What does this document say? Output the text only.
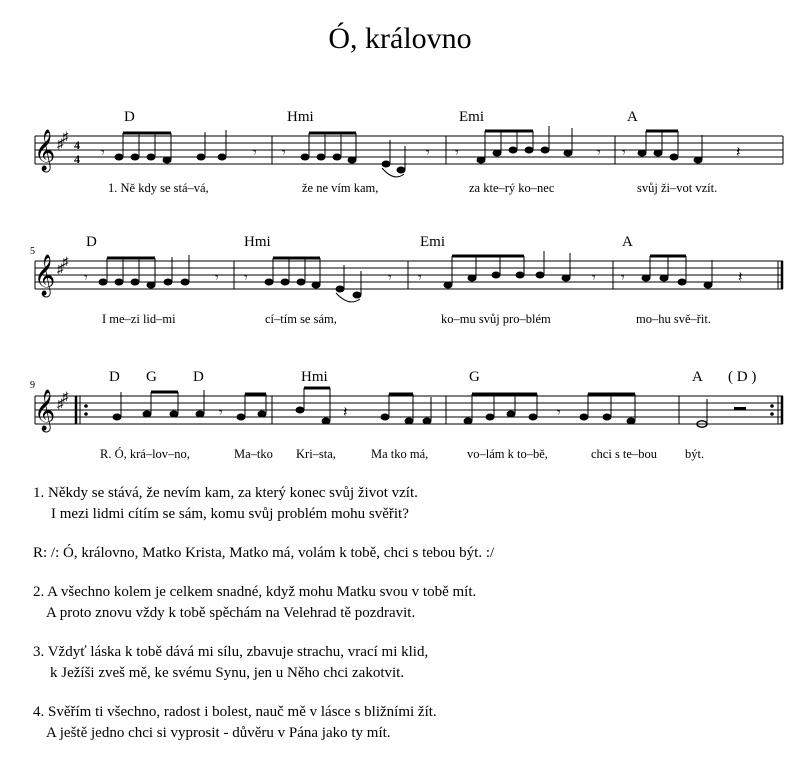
Ó, královno
𝄞 ♯
♯
4
4 𝄾	𝄾 𝄾	𝄾 𝄾	𝄾 𝄾	𝄽
𝄞 ♯
♯
𝄾	𝄾 𝄾	𝄾 𝄾	𝄾 𝄾	𝄽
𝄞 ♯
♯
𝄾	𝄽	𝄾
5
9
D	Hmi	Emi	A
1. Ně kdy se stá–vá,	že ne vím kam,	za kte–rý ko–nec	svůj ži–vot vzít.
D	Hmi	Emi	A
I me–zi lid–mi	cí–tím se sám,	ko–mu svůj pro–blém	mo–hu svě–řit.
D G D	Hmi	G	A ( D )
R. Ó, krá–lov–no,	Ma–tko Kri–sta,	Ma tko má,	vo–lám k to–bě,	chci s te–bou být.
1. Někdy se stává, že nevím kam, za který konec svůj život vzít.
I mezi lidmi cítím se sám, komu svůj problém mohu svěřit?
R: /: Ó, královno, Matko Krista, Matko má, volám k tobě, chci s tebou být. :/
2. A všechno kolem je celkem snadné, když mohu Matku svou v tobě mít.
A proto znovu vždy k tobě spěchám na Velehrad tě pozdravit.
3. Vždyť láska k tobě dává mi sílu, zbavuje strachu, vrací mi klid,
k Ježíši zveš mě, ke svému Synu, jen u Něho chci zakotvit.
4. Svěřím ti všechno, radost i bolest, nauč mě v lásce s bližními žít.
A ještě jedno chci si vyprosit - důvěru v Pána jako ty mít.
